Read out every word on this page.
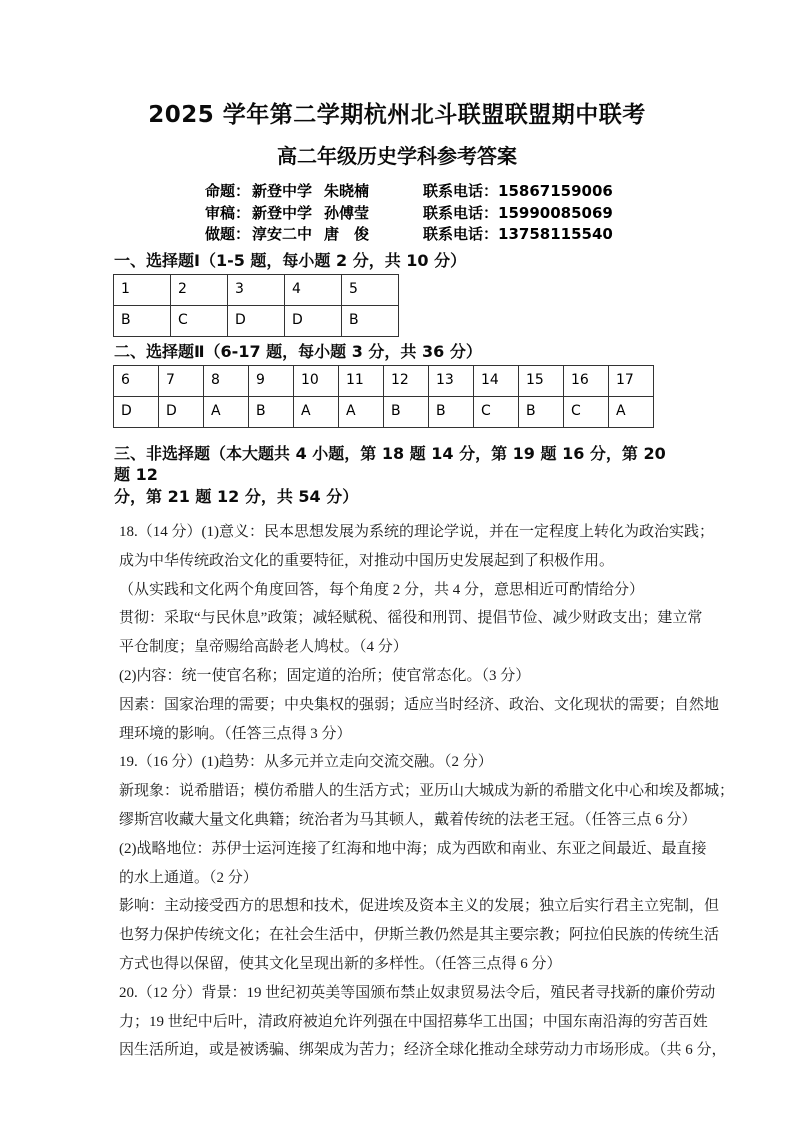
2025 学年第二学期杭州北斗联盟联盟期中联考
高二年级历史学科参考答案
命题： 新登中学 朱晓楠	联系电话： 15867159006
审稿： 新登中学 孙傅莹	联系电话： 15990085069
做题： 淳安二中 唐　俊	联系电话： 13758115540
一、选择题Ⅰ（1-5 题，每小题 2 分，共 10 分）
1	2	3	4	5
B	C	D	D	B
二、选择题Ⅱ（6-17 题，每小题 3 分，共 36 分）
6	7	8	9	10	11	12	13	14	15	16	17
D	D	A	B	A	A	B	B	C	B	C	A
三、非选择题（本大题共 4 小题，第 18 题 14 分，第 19 题 16 分，第 20 题 12
分，第 21 题 12 分，共 54 分）
18.（14 分）(1)意义：民本思想发展为系统的理论学说，并在一定程度上转化为政治实践；
成为中华传统政治文化的重要特征，对推动中国历史发展起到了积极作用。
（从实践和文化两个角度回答，每个角度 2 分，共 4 分，意思相近可酌情给分）
贯彻：采取“与民休息”政策；减轻赋税、徭役和刑罚、提倡节俭、减少财政支出；建立常
平仓制度；皇帝赐给高龄老人鸠杖。（4 分）
(2)内容：统一使官名称；固定道的治所；使官常态化。（3 分）
因素：国家治理的需要；中央集权的强弱；适应当时经济、政治、文化现状的需要；自然地
理环境的影响。（任答三点得 3 分）
19.（16 分）(1)趋势：从多元并立走向交流交融。（2 分）
新现象：说希腊语；模仿希腊人的生活方式；亚历山大城成为新的希腊文化中心和埃及都城；
缪斯宫收藏大量文化典籍；统治者为马其顿人，戴着传统的法老王冠。（任答三点 6 分）
(2)战略地位：苏伊士运河连接了红海和地中海；成为西欧和南业、东亚之间最近、最直接
的水上通道。（2 分）
影响：主动接受西方的思想和技术，促进埃及资本主义的发展；独立后实行君主立宪制，但
也努力保护传统文化；在社会生活中，伊斯兰教仍然是其主要宗教；阿拉伯民族的传统生活
方式也得以保留，使其文化呈现出新的多样性。（任答三点得 6 分）
20.（12 分）背景：19 世纪初英美等国颁布禁止奴隶贸易法令后，殖民者寻找新的廉价劳动
力；19 世纪中后叶，清政府被迫允许列强在中国招募华工出国；中国东南沿海的穷苦百姓
因生活所迫，或是被诱骗、绑架成为苦力；经济全球化推动全球劳动力市场形成。（共 6 分，
